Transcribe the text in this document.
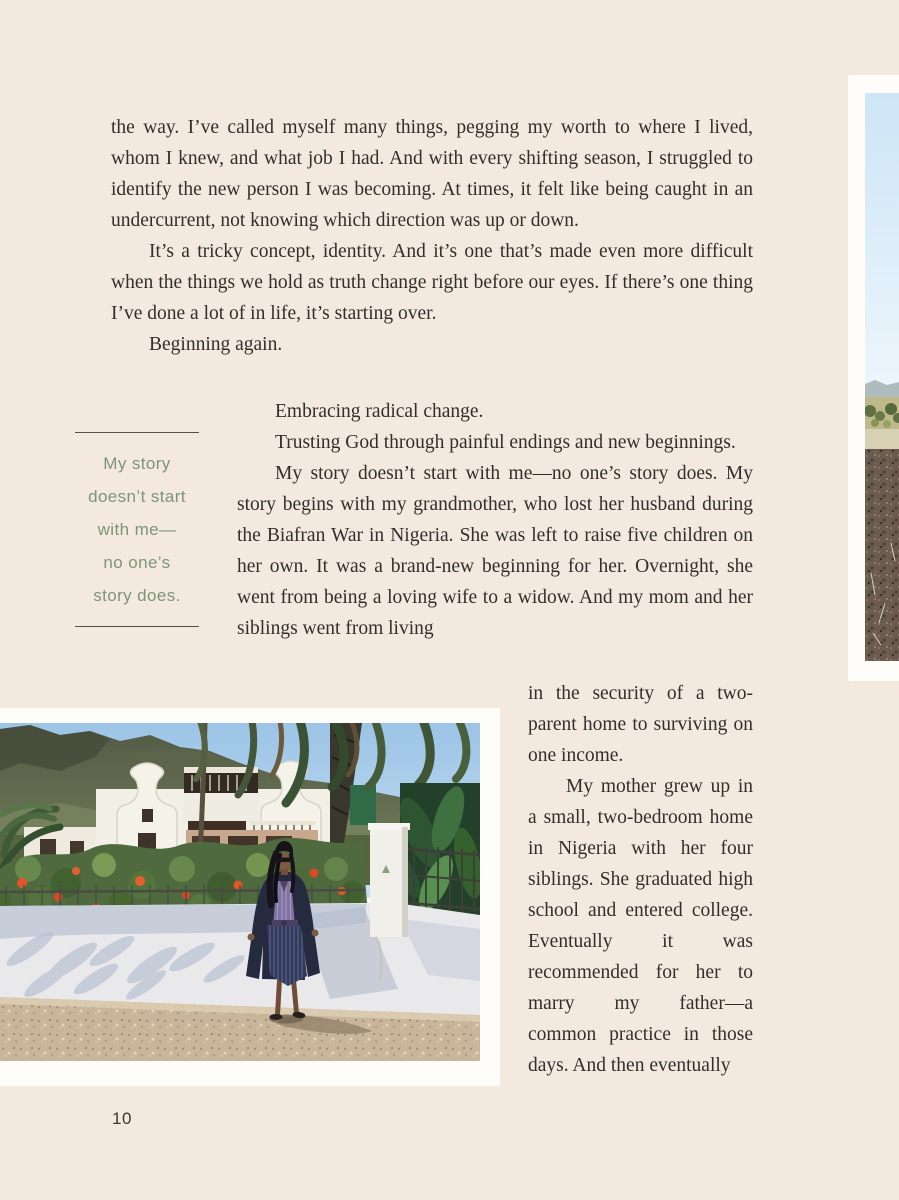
the way. I’ve called myself many things, pegging my worth to where I lived, whom I knew, and what job I had. And with every shifting season, I struggled to identify the new person I was becoming. At times, it felt like being caught in an undercurrent, not knowing which direction was up or down.

It’s a tricky concept, identity. And it’s one that’s made even more difficult when the things we hold as truth change right before our eyes. If there’s one thing I’ve done a lot of in life, it’s starting over.

Beginning again.

My story
doesn’t start
with me—
no one’s
story does.

Embracing radical change.

Trusting God through painful endings and new beginnings.

My story doesn’t start with me—no one’s story does. My story begins with my grandmother, who lost her husband during the Biafran War in Nigeria. She was left to raise five children on her own. It was a brand-new beginning for her. Overnight, she went from being a loving wife to a widow. And my mom and her siblings went from living

in the security of a two-parent home to surviving on one income.

My mother grew up in a small, two-bedroom home in Nigeria with her four siblings. She graduated high school and entered college. Eventually it was recommended for her to marry my father—a common practice in those days. And then eventually

10
